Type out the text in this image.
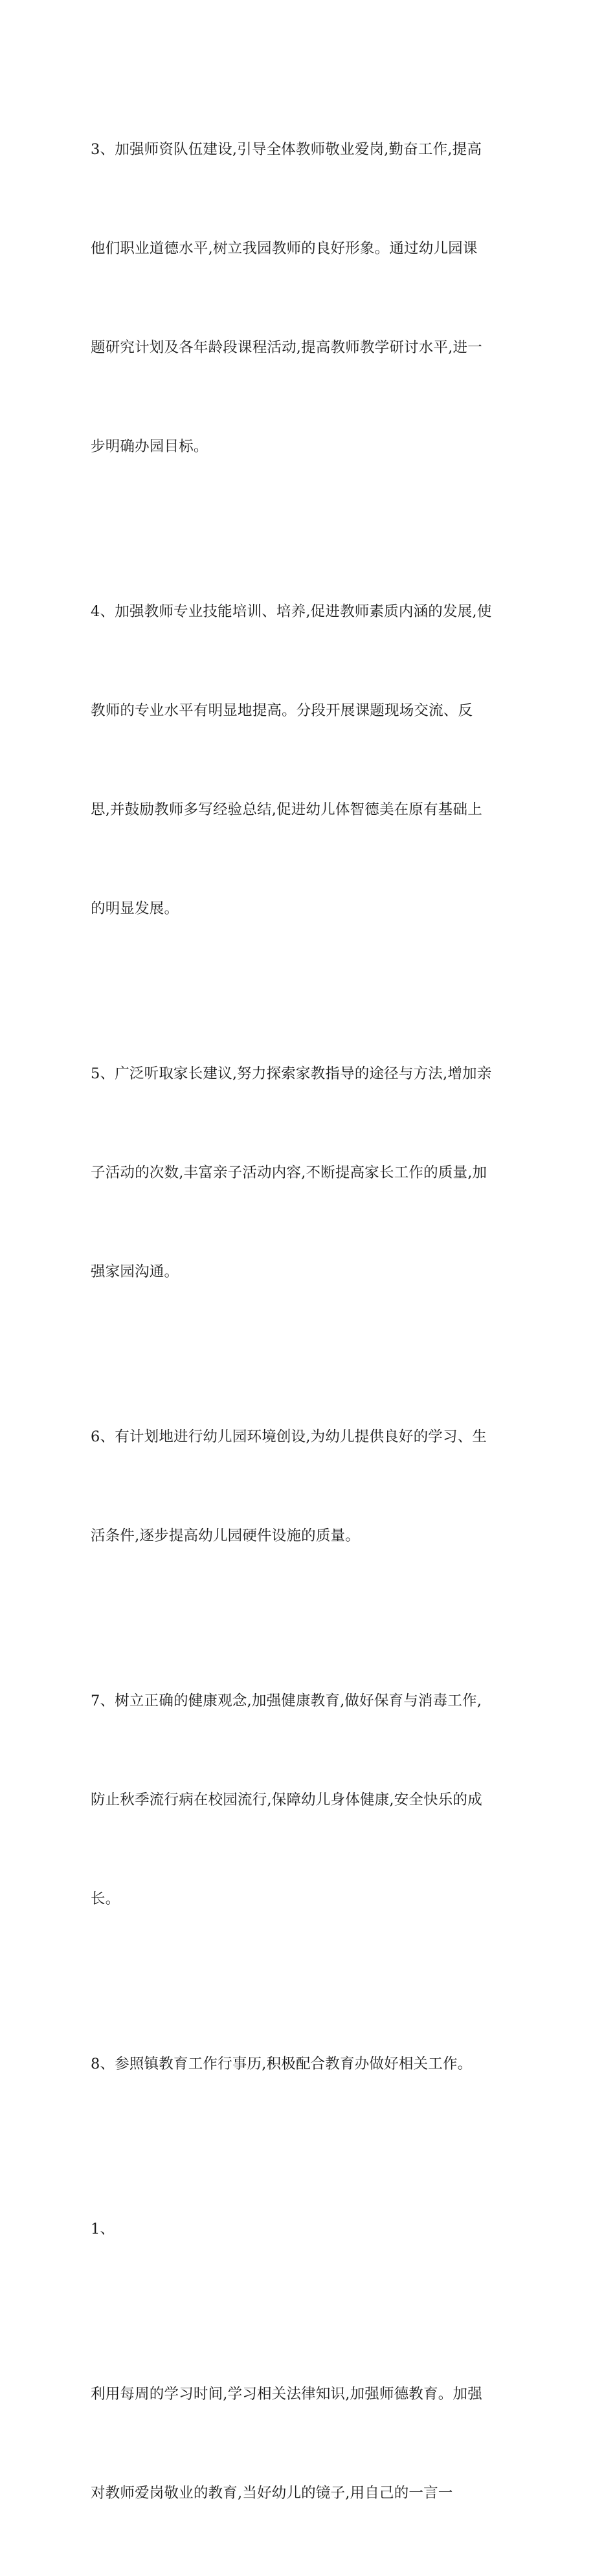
3、加强师资队伍建设,引导全体教师敬业爱岗,勤奋工作,提高

他们职业道德水平,树立我园教师的良好形象。通过幼儿园课

题研究计划及各年龄段课程活动,提高教师教学研讨水平,进一

步明确办园目标。

4、加强教师专业技能培训、培养,促进教师素质内涵的发展,使

教师的专业水平有明显地提高。分段开展课题现场交流、反

思,并鼓励教师多写经验总结,促进幼儿体智德美在原有基础上

的明显发展。

5、广泛听取家长建议,努力探索家教指导的途径与方法,增加亲

子活动的次数,丰富亲子活动内容,不断提高家长工作的质量,加

强家园沟通。

6、有计划地进行幼儿园环境创设,为幼儿提供良好的学习、生

活条件,逐步提高幼儿园硬件设施的质量。

7、树立正确的健康观念,加强健康教育,做好保育与消毒工作,

防止秋季流行病在校园流行,保障幼儿身体健康,安全快乐的成

长。

8、参照镇教育工作行事历,积极配合教育办做好相关工作。

1、

利用每周的学习时间,学习相关法律知识,加强师德教育。加强

对教师爱岗敬业的教育,当好幼儿的镜子,用自己的一言一
